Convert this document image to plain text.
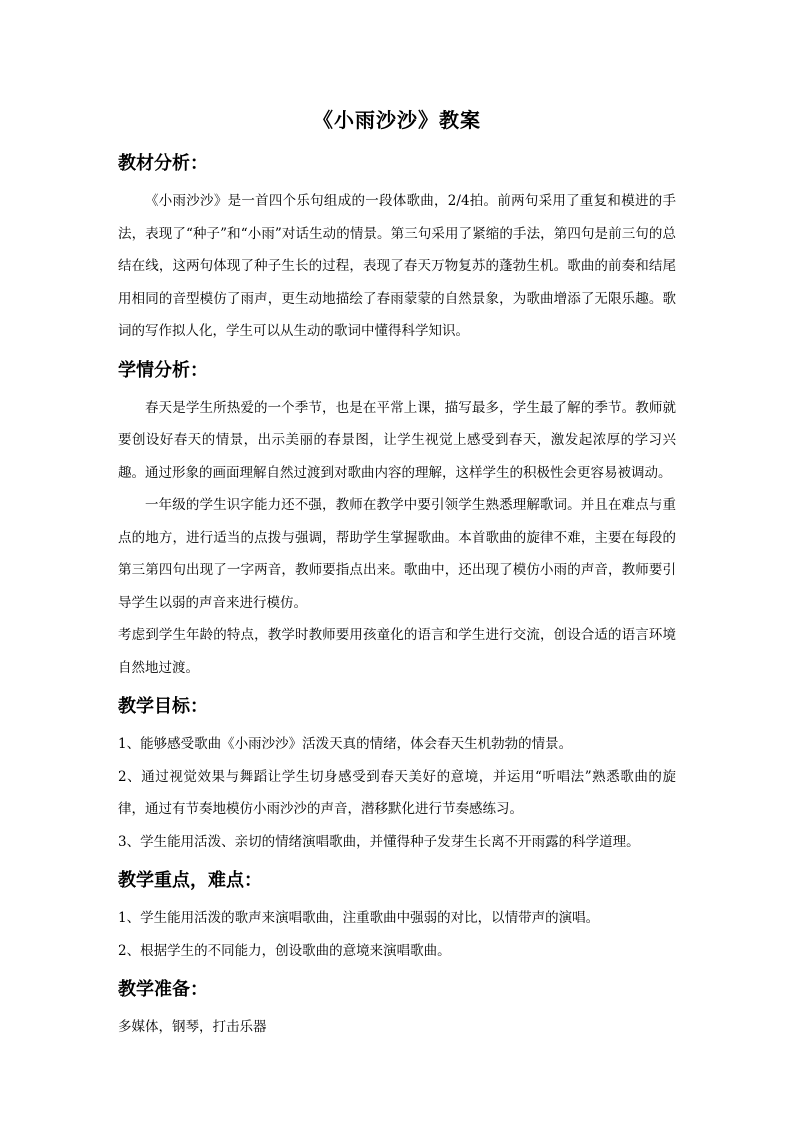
《小雨沙沙》教案
教材分析：

《小雨沙沙》是一首四个乐句组成的一段体歌曲，2/4拍。前两句采用了重复和模进的手法，表现了“种子”和“小雨”对话生动的情景。第三句采用了紧缩的手法，第四句是前三句的总结在线，这两句体现了种子生长的过程，表现了春天万物复苏的蓬勃生机。歌曲的前奏和结尾用相同的音型模仿了雨声，更生动地描绘了春雨蒙蒙的自然景象，为歌曲增添了无限乐趣。歌词的写作拟人化，学生可以从生动的歌词中懂得科学知识。

学情分析：

春天是学生所热爱的一个季节，也是在平常上课，描写最多，学生最了解的季节。教师就要创设好春天的情景，出示美丽的春景图，让学生视觉上感受到春天，激发起浓厚的学习兴趣。通过形象的画面理解自然过渡到对歌曲内容的理解，这样学生的积极性会更容易被调动。

一年级的学生识字能力还不强，教师在教学中要引领学生熟悉理解歌词。并且在难点与重点的地方，进行适当的点拨与强调，帮助学生掌握歌曲。本首歌曲的旋律不难，主要在每段的第三第四句出现了一字两音，教师要指点出来。歌曲中，还出现了模仿小雨的声音，教师要引导学生以弱的声音来进行模仿。

考虑到学生年龄的特点，教学时教师要用孩童化的语言和学生进行交流，创设合适的语言环境自然地过渡。

教学目标：

1、能够感受歌曲《小雨沙沙》活泼天真的情绪，体会春天生机勃勃的情景。

2、通过视觉效果与舞蹈让学生切身感受到春天美好的意境，并运用“听唱法”熟悉歌曲的旋律，通过有节奏地模仿小雨沙沙的声音，潜移默化进行节奏感练习。

3、学生能用活泼、亲切的情绪演唱歌曲，并懂得种子发芽生长离不开雨露的科学道理。

教学重点，难点：

1、学生能用活泼的歌声来演唱歌曲，注重歌曲中强弱的对比，以情带声的演唱。

2、根据学生的不同能力，创设歌曲的意境来演唱歌曲。

教学准备：

多媒体，钢琴，打击乐器
